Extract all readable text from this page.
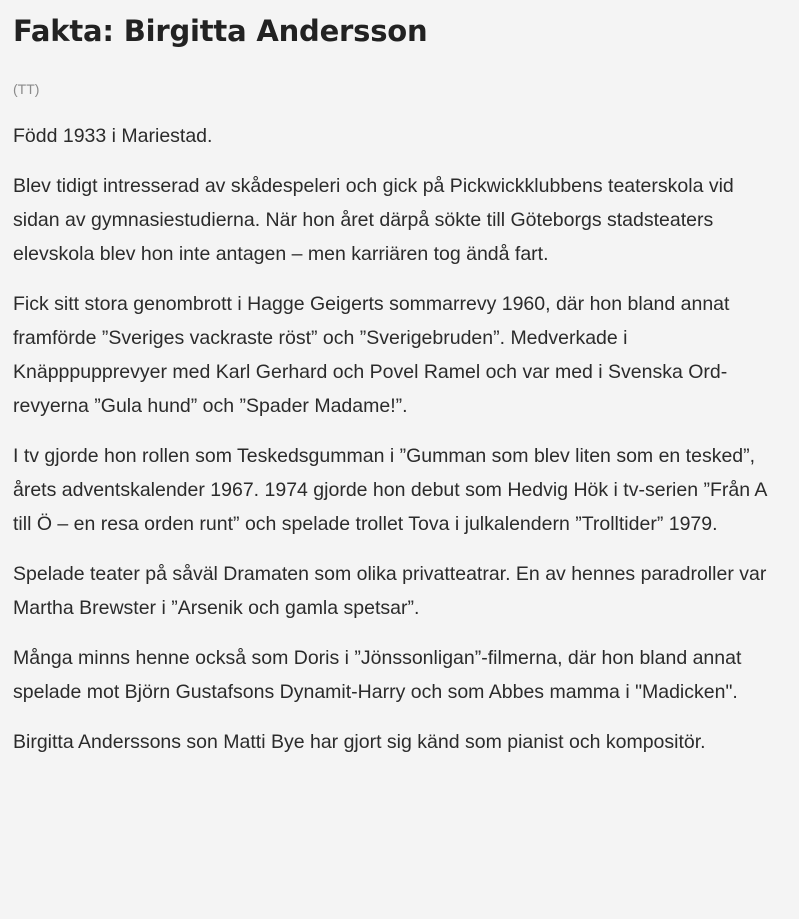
Fakta: Birgitta Andersson
(TT)

Född 1933 i Mariestad.

Blev tidigt intresserad av skådespeleri och gick på Pickwickklubbens teaterskola vid sidan av gymnasiestudierna. När hon året därpå sökte till Göteborgs stadsteaters elevskola blev hon inte antagen – men karriären tog ändå fart.

Fick sitt stora genombrott i Hagge Geigerts sommarrevy 1960, där hon bland annat framförde ”Sveriges vackraste röst” och ”Sverigebruden”. Medverkade i Knäpppupprevyer med Karl Gerhard och Povel Ramel och var med i Svenska Ord-revyerna ”Gula hund” och ”Spader Madame!”.

I tv gjorde hon rollen som Teskedsgumman i ”Gumman som blev liten som en tesked”, årets adventskalender 1967. 1974 gjorde hon debut som Hedvig Hök i tv-serien ”Från A till Ö – en resa orden runt” och spelade trollet Tova i julkalendern ”Trolltider” 1979.

Spelade teater på såväl Dramaten som olika privatteatrar. En av hennes paradroller var Martha Brewster i ”Arsenik och gamla spetsar”.

Många minns henne också som Doris i ”Jönssonligan”-filmerna, där hon bland annat spelade mot Björn Gustafsons Dynamit-Harry och som Abbes mamma i "Madicken".

Birgitta Anderssons son Matti Bye har gjort sig känd som pianist och kompositör.
